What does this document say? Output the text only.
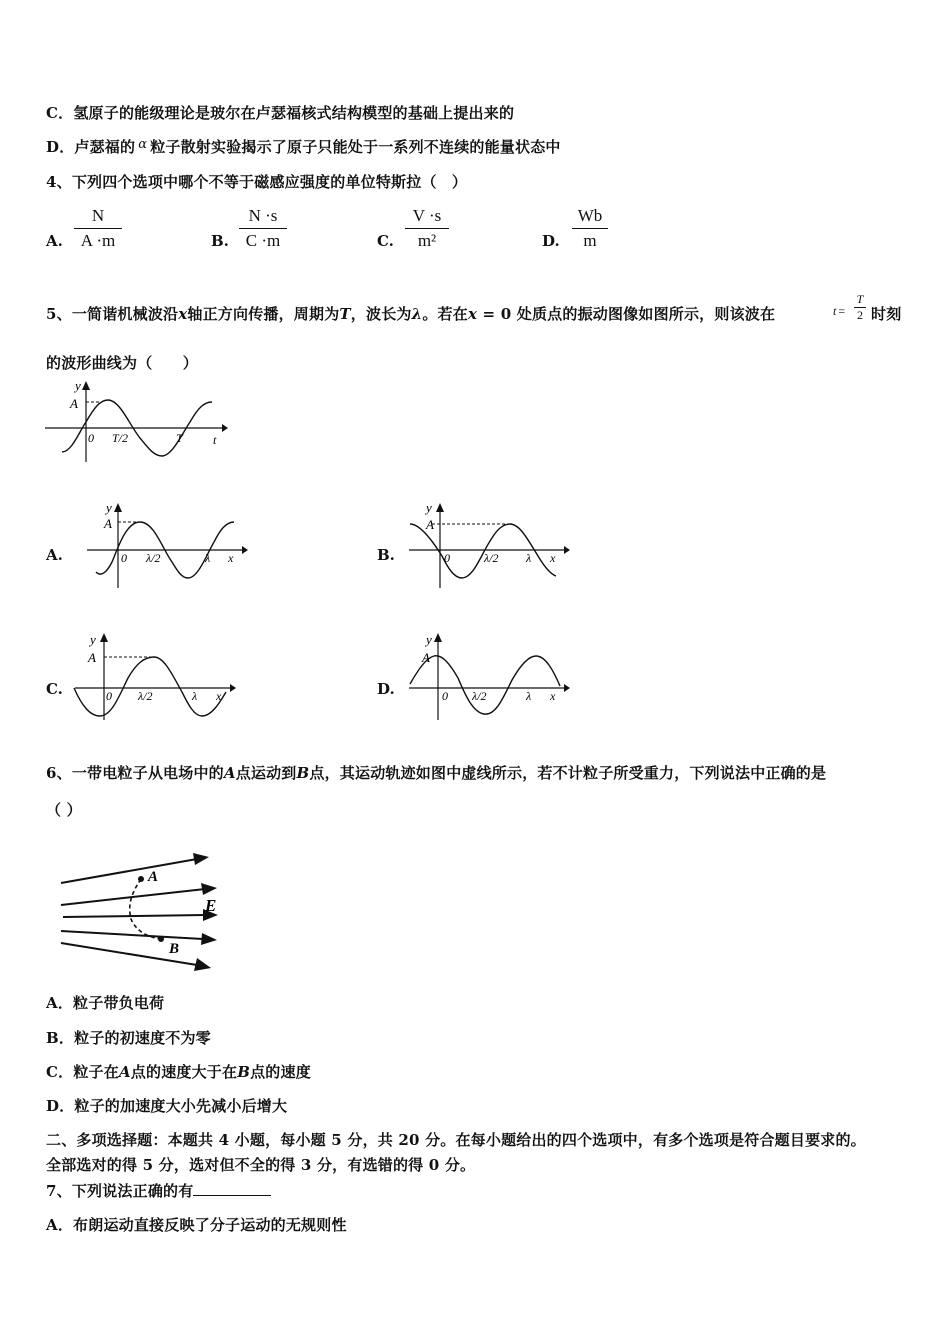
C．氢原子的能级理论是玻尔在卢瑟福核式结构模型的基础上提出来的
D．卢瑟福的 α 粒子散射实验揭示了原子只能处于一系列不连续的能量状态中
4、下列四个选项中哪个不等于磁感应强度的单位特斯拉（　）
A. $\frac{N}{A \cdot m}$	B. $\frac{N \cdot s}{C \cdot m}$	C. $\frac{V \cdot s}{\text{m²}}$	D. $\frac{Wb}{m}$
5、一简谐机械波沿x轴正方向传播，周期为T，波长为λ。若在x = 0 处质点的振动图像如图所示，则该波在	$t = \frac{T}{2}$ 时刻
的波形曲线为（　　）
y
A
0 T/2	T	t
A.
y
A
0 λ/2	λ x	B.
y
A
0	λ/2 λ x
C.
y
A
0 λ/2	λ x	D.
y
A
0 λ/2	λ x
6、一带电粒子从电场中的A点运动到B点，其运动轨迹如图中虚线所示，若不计粒子所受重力，下列说法中正确的是
（ ）
A
B
E
A．粒子带负电荷
B．粒子的初速度不为零
C．粒子在A点的速度大于在B点的速度
D．粒子的加速度大小先减小后增大
二、多项选择题：本题共 4 小题，每小题 5 分，共 20 分。在每小题给出的四个选项中，有多个选项是符合题目要求的。
全部选对的得 5 分，选对但不全的得 3 分，有选错的得 0 分。
7、下列说法正确的有
A．布朗运动直接反映了分子运动的无规则性
